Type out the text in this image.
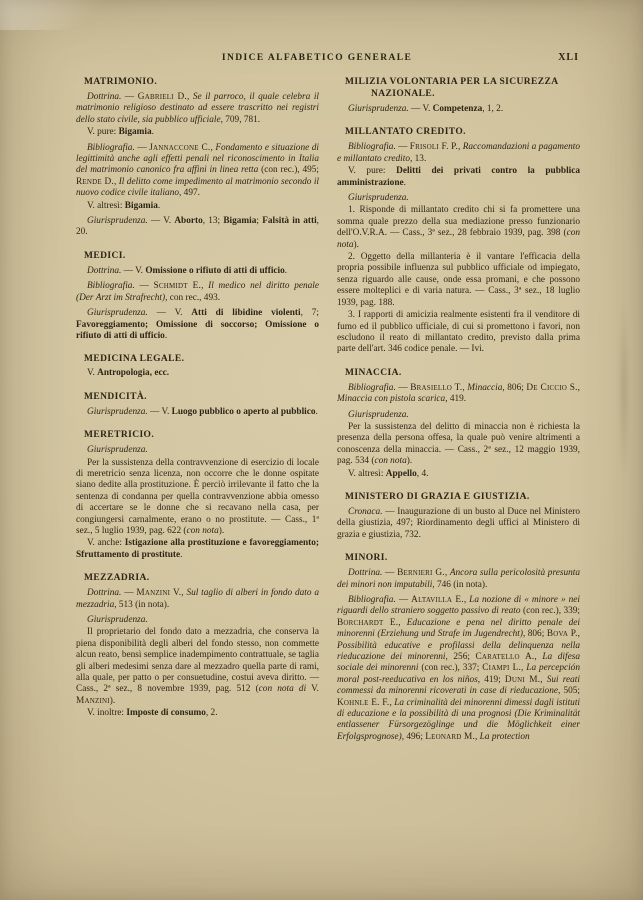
INDICE ALFABETICO GENERALE	XLI
MATRIMONIO.

Dottrina. — Gabrieli D., Se il parroco, il quale celebra il matrimonio religioso destinato ad essere trascritto nei registri dello stato civile, sia pubblico ufficiale, 709, 781.

V. pure: Bigamia.

Bibliografia. — Jannaccone C., Fondamento e situazione di legittimità anche agli effetti penali nel riconoscimento in Italia del matrimonio canonico fra affini in linea retta (con rec.), 495; Rende D., Il delitto come impedimento al matrimonio secondo il nuovo codice civile italiano, 497.

V. altresì: Bigamia.

Giurisprudenza. — V. Aborto, 13; Bigamia; Falsità in atti, 20.

MEDICI.

Dottrina. — V. Omissione o rifiuto di atti di ufficio.

Bibliografia. — Schmidt E., Il medico nel diritto penale (Der Arzt im Strafrecht), con rec., 493.

Giurisprudenza. — V. Atti di libidine violenti, 7; Favoreggiamento; Omissione di soccorso; Omissione o rifiuto di atti di ufficio.

MEDICINA LEGALE.

V. Antropologia, ecc.

MENDICITÀ.

Giurisprudenza. — V. Luogo pubblico o aperto al pubblico.

MERETRICIO.

Giurisprudenza.

Per la sussistenza della contravvenzione di esercizio di locale di meretricio senza licenza, non occorre che le donne ospitate siano dedite alla prostituzione. È perciò irrilevante il fatto che la sentenza di condanna per quella contravvenzione abbia omesso di accertare se le donne che si recavano nella casa, per congiungersi carnalmente, erano o no prostitute. — Cass., 1ª sez., 5 luglio 1939, pag. 622 (con nota).

V. anche: Istigazione alla prostituzione e favoreggiamento; Sfruttamento di prostitute.

MEZZADRIA.

Dottrina. — Manzini V., Sul taglio di alberi in fondo dato a mezzadria, 513 (in nota).

Giurisprudenza.

Il proprietario del fondo dato a mezzadria, che conserva la piena disponibilità degli alberi del fondo stesso, non commette alcun reato, bensì semplice inadempimento contrattuale, se taglia gli alberi medesimi senza dare al mezzadro quella parte di rami, alla quale, per patto o per consuetudine, costui aveva diritto. — Cass., 2ª sez., 8 novembre 1939, pag. 512 (con nota di V. Manzini).

V. inoltre: Imposte di consumo, 2.

MILIZIA VOLONTARIA PER LA SICUREZZA NAZIONALE.

Giurisprudenza. — V. Competenza, 1, 2.

MILLANTATO CREDITO.

Bibliografia. — Frisoli F. P., Raccomandazioni a pagamento e millantato credito, 13.

V. pure: Delitti dei privati contro la pubblica amministrazione.

Giurisprudenza.

1. Risponde di millantato credito chi si fa promettere una somma quale prezzo della sua mediazione presso funzionario dell'O.V.R.A. — Cass., 3ª sez., 28 febbraio 1939, pag. 398 (con nota).

2. Oggetto della millanteria è il vantare l'efficacia della propria possibile influenza sul pubblico ufficiale od impiegato, senza riguardo alle cause, onde essa promani, e che possono essere molteplici e di varia natura. — Cass., 3ª sez., 18 luglio 1939, pag. 188.

3. I rapporti di amicizia realmente esistenti fra il venditore di fumo ed il pubblico ufficiale, di cui si promettono i favori, non escludono il reato di millantato credito, previsto dalla prima parte dell'art. 346 codice penale. — Ivi.

MINACCIA.

Bibliografia. — Brasiello T., Minaccia, 806; De Ciccio S., Minaccia con pistola scarica, 419.

Giurisprudenza.

Per la sussistenza del delitto di minaccia non è richiesta la presenza della persona offesa, la quale può venire altrimenti a conoscenza della minaccia. — Cass., 2ª sez., 12 maggio 1939, pag. 534 (con nota).

V. altresì: Appello, 4.

MINISTERO DI GRAZIA E GIUSTIZIA.

Cronaca. — Inaugurazione di un busto al Duce nel Ministero della giustizia, 497; Riordinamento degli uffici al Ministero di grazia e giustizia, 732.

MINORI.

Dottrina. — Bernieri G., Ancora sulla pericolosità presunta dei minori non imputabili, 746 (in nota).

Bibliografia. — Altavilla E., La nozione di « minore » nei riguardi dello straniero soggetto passivo di reato (con rec.), 339; Borchardt E., Educazione e pena nel diritto penale dei minorenni (Erziehung und Strafe im Jugendrecht), 806; Bova P., Possibilità educative e profilassi della delinquenza nella rieducazione dei minorenni, 256; Caratello A., La difesa sociale dei minorenni (con rec.), 337; Ciampi L., La percepción moral post-reeducativa en los niños, 419; Duni M., Sui reati commessi da minorenni ricoverati in case di rieducazione, 505; Kohnle E. F., La criminalità dei minorenni dimessi dagli istituti di educazione e la possibilità di una prognosi (Die Kriminalität entlassener Fürsorgezöglinge und die Möglichkeit einer Erfolgsprognose), 496; Leonard M., La protection
